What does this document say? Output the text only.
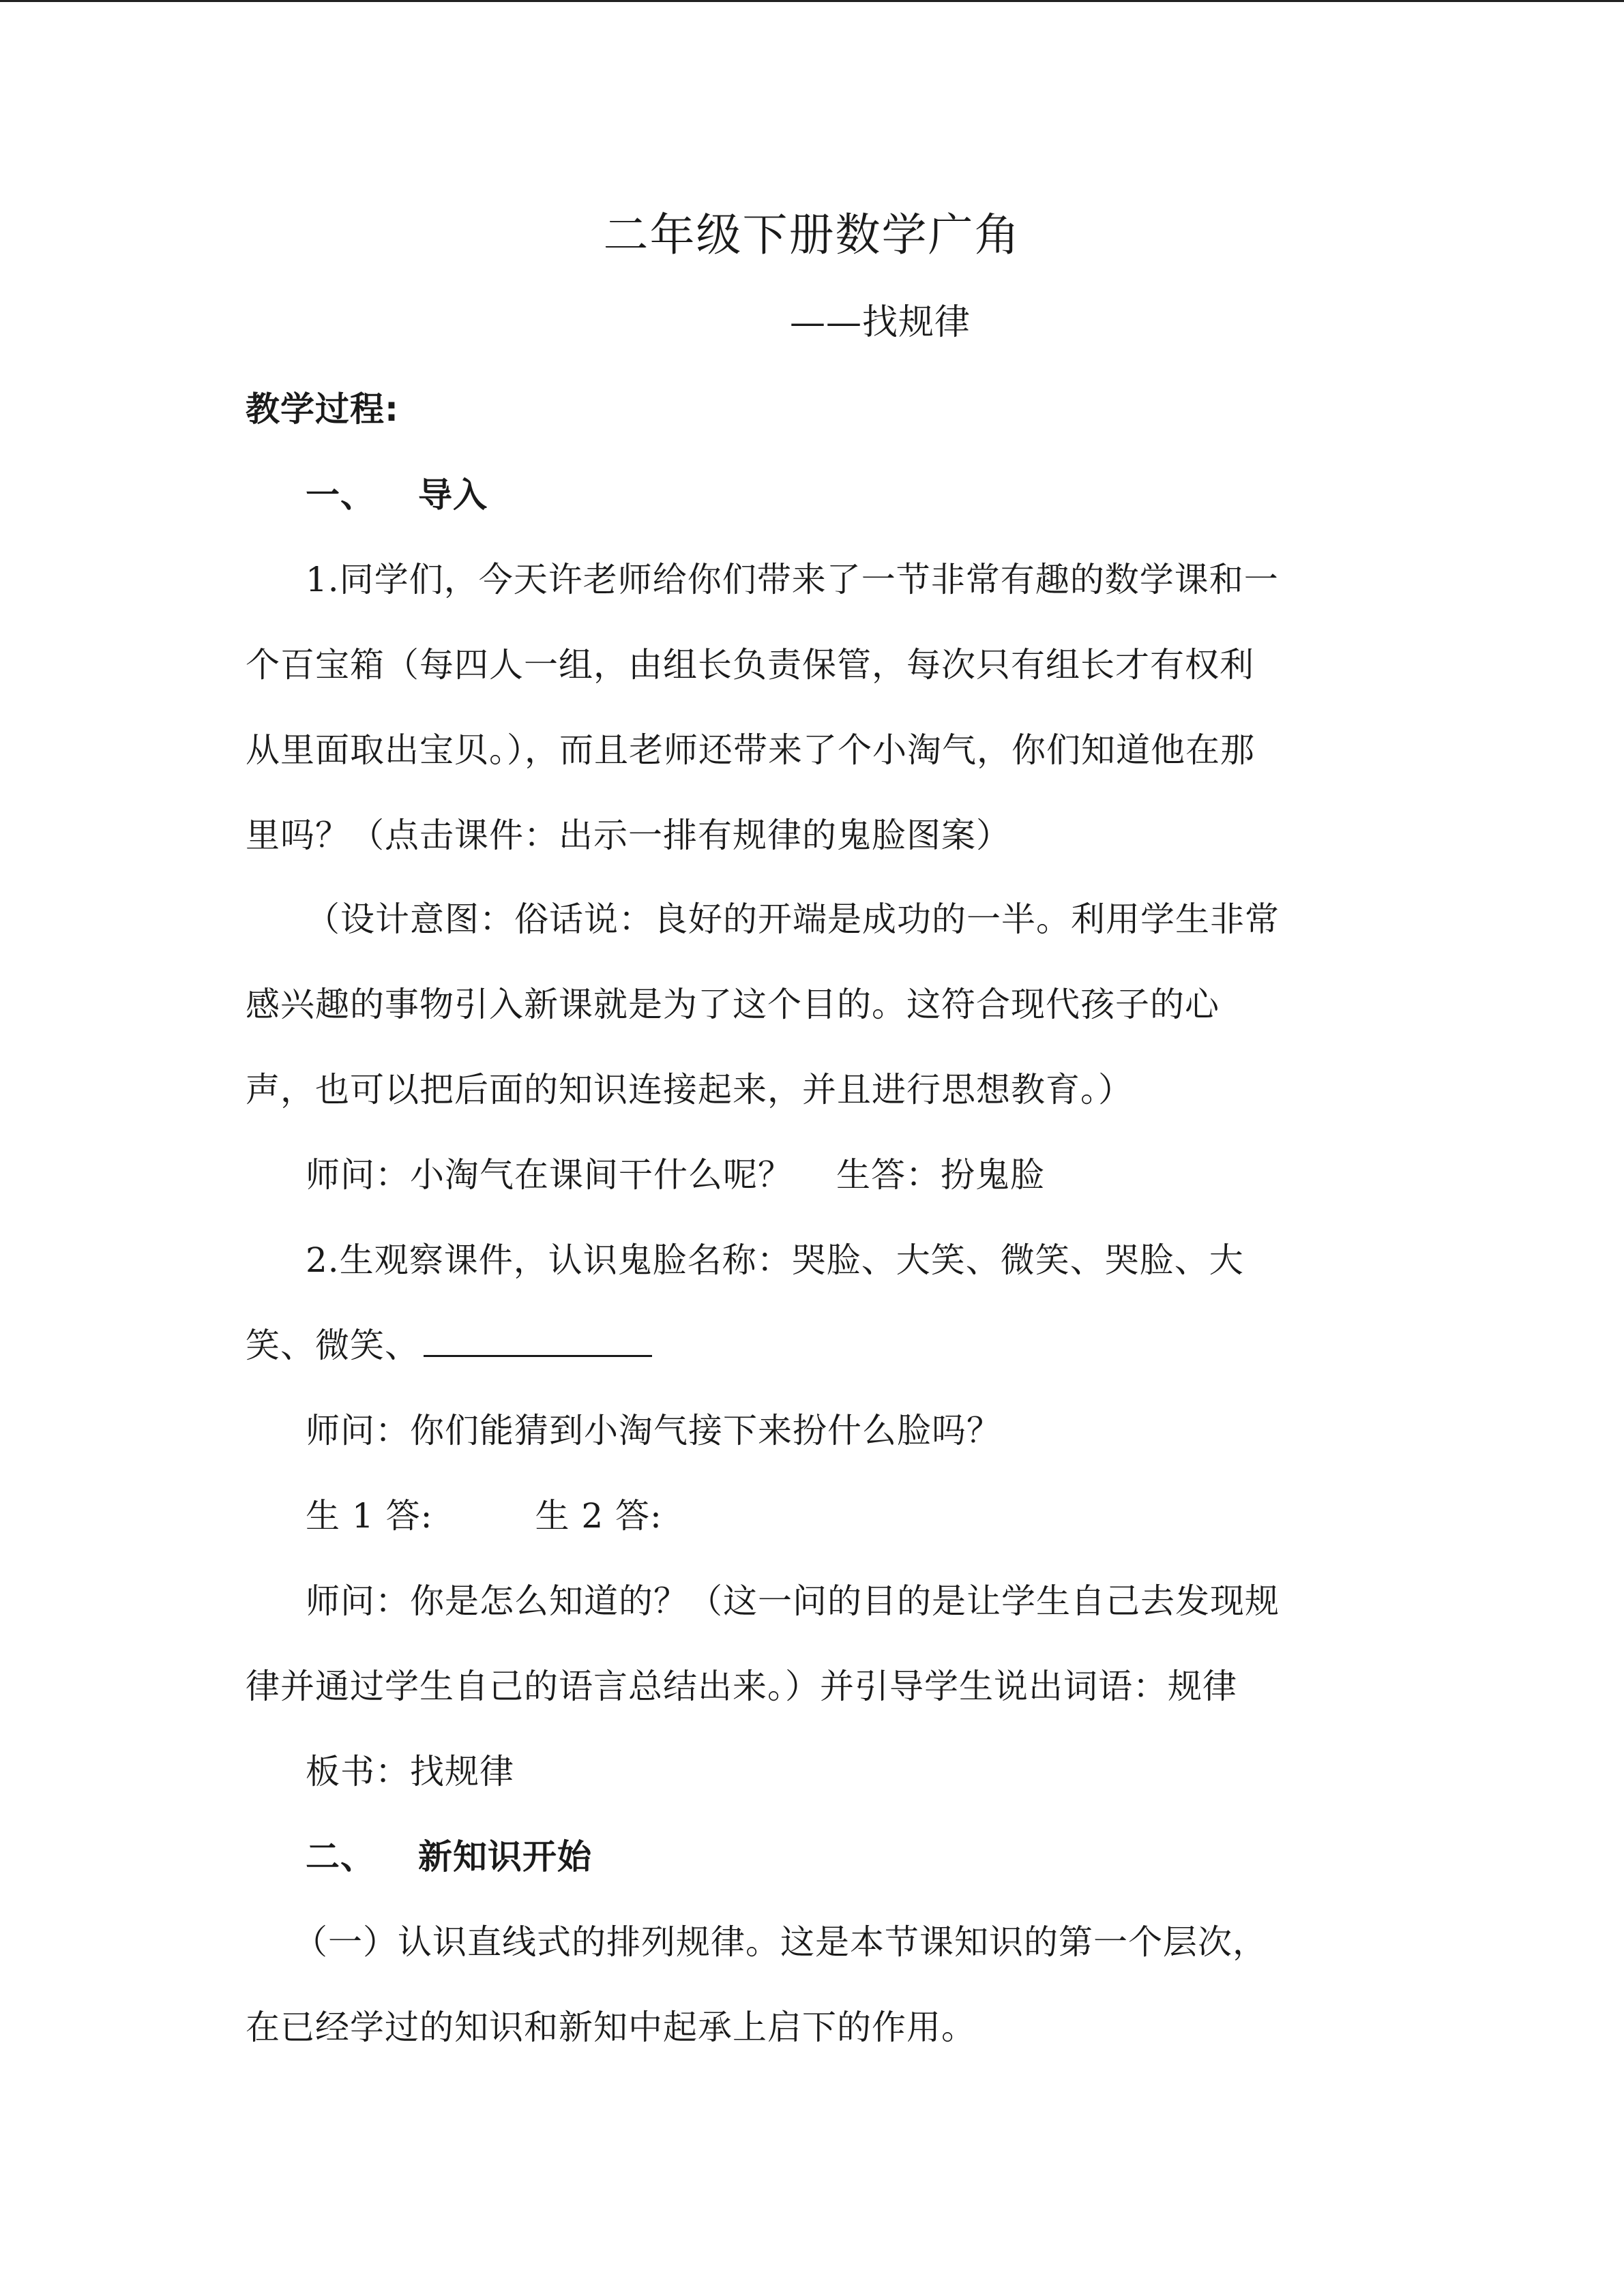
二年级下册数学广角
——找规律
教学过程:
一、 导入
1.同学们，今天许老师给你们带来了一节非常有趣的数学课和一
个百宝箱（每四人一组，由组长负责保管，每次只有组长才有权利
从里面取出宝贝。），而且老师还带来了个小淘气，你们知道他在那
里吗？（点击课件：出示一排有规律的鬼脸图案）
（设计意图：俗话说：良好的开端是成功的一半。利用学生非常
感兴趣的事物引入新课就是为了这个目的。这符合现代孩子的心
声，也可以把后面的知识连接起来，并且进行思想教育。）
师问：小淘气在课间干什么呢？ 生答：扮鬼脸
2.生观察课件，认识鬼脸名称：哭脸、大笑、微笑、哭脸、大
笑、微笑、
师问：你们能猜到小淘气接下来扮什么脸吗？
生 1 答:	生 2 答:
师问：你是怎么知道的？（这一问的目的是让学生自己去发现规
律并通过学生自己的语言总结出来。）并引导学生说出词语：规律
板书：找规律
二、 新知识开始
（一）认识直线式的排列规律。这是本节课知识的第一个层次，
在已经学过的知识和新知中起承上启下的作用。
